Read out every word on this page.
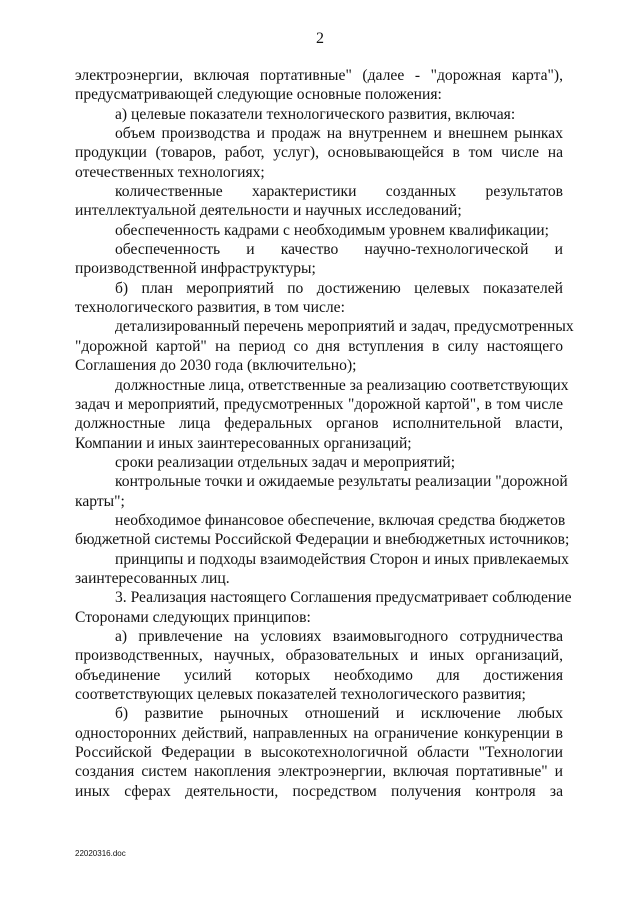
2
электроэнергии, включая портативные" (далее - "дорожная карта"),
предусматривающей следующие основные положения:
а) целевые показатели технологического развития, включая:
объем производства и продаж на внутреннем и внешнем рынках
продукции (товаров, работ, услуг), основывающейся в том числе на
отечественных технологиях;
количественные характеристики созданных результатов
интеллектуальной деятельности и научных исследований;
обеспеченность кадрами с необходимым уровнем квалификации;
обеспеченность и качество научно-технологической и
производственной инфраструктуры;
б) план мероприятий по достижению целевых показателей
технологического развития, в том числе:
детализированный перечень мероприятий и задач, предусмотренных
"дорожной картой" на период со дня вступления в силу настоящего
Соглашения до 2030 года (включительно);
должностные лица, ответственные за реализацию соответствующих
задач и мероприятий, предусмотренных "дорожной картой", в том числе
должностные лица федеральных органов исполнительной власти,
Компании и иных заинтересованных организаций;
сроки реализации отдельных задач и мероприятий;
контрольные точки и ожидаемые результаты реализации "дорожной
карты";
необходимое финансовое обеспечение, включая средства бюджетов
бюджетной системы Российской Федерации и внебюджетных источников;
принципы и подходы взаимодействия Сторон и иных привлекаемых
заинтересованных лиц.
3. Реализация настоящего Соглашения предусматривает соблюдение
Сторонами следующих принципов:
а) привлечение на условиях взаимовыгодного сотрудничества
производственных, научных, образовательных и иных организаций,
объединение усилий которых необходимо для достижения
соответствующих целевых показателей технологического развития;
б) развитие рыночных отношений и исключение любых
односторонних действий, направленных на ограничение конкуренции в
Российской Федерации в высокотехнологичной области "Технологии
создания систем накопления электроэнергии, включая портативные" и
иных сферах деятельности, посредством получения контроля за
22020316.doc
